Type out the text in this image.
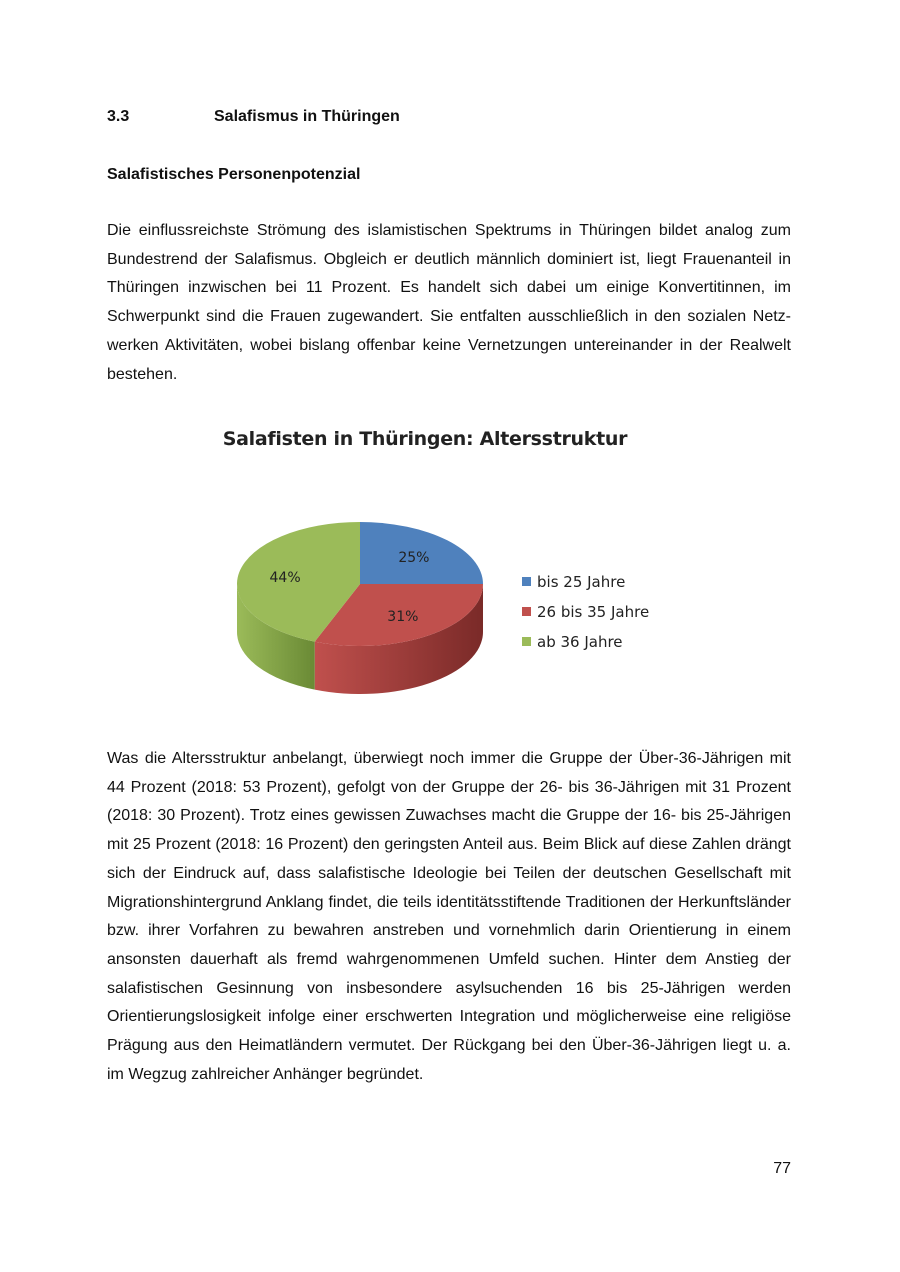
3.3	Salafismus in Thüringen
Salafistisches Personenpotenzial

Die einflussreichste Strömung des islamistischen Spektrums in Thüringen bildet analog zum Bundestrend der Salafismus. Obgleich er deutlich männlich dominiert ist, liegt Frauenanteil in Thüringen inzwischen bei 11 Prozent. Es handelt sich dabei um einige Konvertitinnen, im Schwerpunkt sind die Frauen zugewandert. Sie entfalten ausschließlich in den sozialen Netzwerken Aktivitäten, wobei bislang offenbar keine Vernetzungen untereinander in der Realwelt bestehen.

Salafisten in Thüringen: Altersstruktur
25%
31%
44%	bis 25 Jahre
26 bis 35 Jahre
ab 36 Jahre

Was die Altersstruktur anbelangt, überwiegt noch immer die Gruppe der Über-36-Jährigen mit 44 Prozent (2018: 53 Prozent), gefolgt von der Gruppe der 26- bis 36-Jährigen mit 31 Prozent (2018: 30 Prozent). Trotz eines gewissen Zuwachses macht die Gruppe der 16- bis 25-Jährigen mit 25 Prozent (2018: 16 Prozent) den geringsten Anteil aus. Beim Blick auf diese Zahlen drängt sich der Eindruck auf, dass salafistische Ideologie bei Teilen der deutschen Gesellschaft mit Migrationshintergrund Anklang findet, die teils identitätsstiftende Traditionen der Herkunftsländer bzw. ihrer Vorfahren zu bewahren anstreben und vornehmlich darin Orientierung in einem ansonsten dauerhaft als fremd wahrgenommenen Umfeld suchen. Hinter dem Anstieg der salafistischen Gesinnung von insbesondere asylsuchenden 16 bis 25-Jährigen werden Orientierungslosigkeit infolge einer erschwerten Integration und möglicherweise eine religiöse Prägung aus den Heimatländern vermutet. Der Rückgang bei den Über-36-Jährigen liegt u. a. im Wegzug zahlreicher Anhänger begründet.

77
